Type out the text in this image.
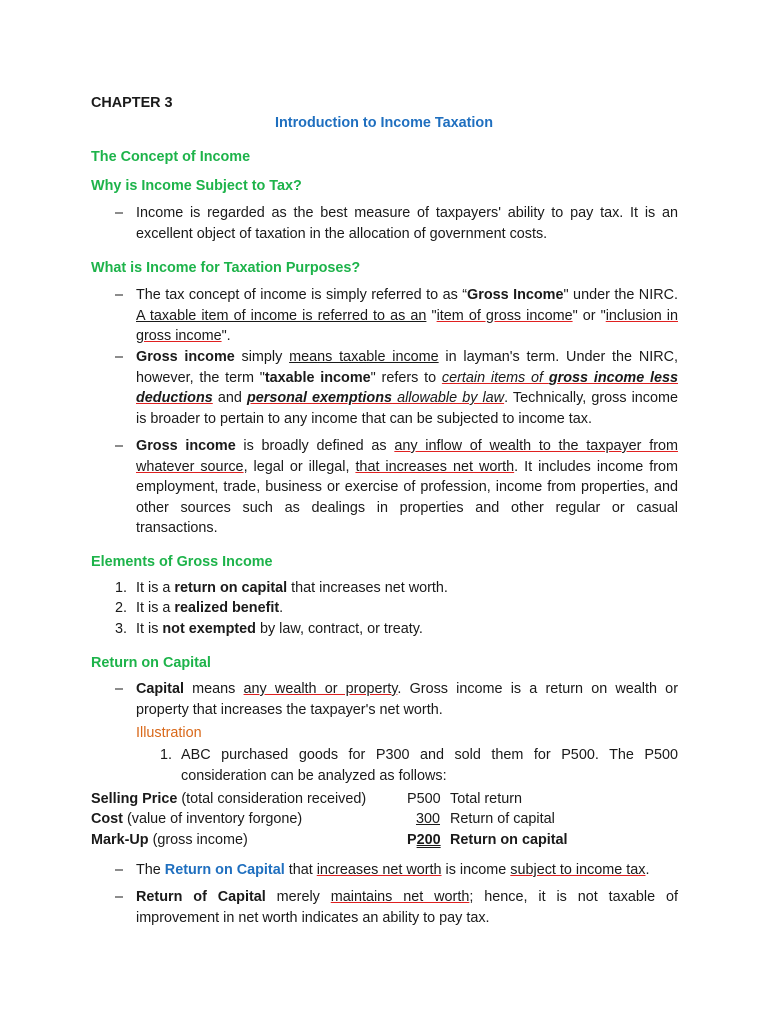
CHAPTER 3
Introduction to Income Taxation
The Concept of Income
Why is Income Subject to Tax?
– Income is regarded as the best measure of taxpayers' ability to pay tax. It is an excellent object of taxation in the allocation of government costs.
What is Income for Taxation Purposes?
– The tax concept of income is simply referred to as “Gross Income" under the NIRC. A taxable item of income is referred to as an "item of gross income" or "inclusion in gross income".
– Gross income simply means taxable income in layman's term. Under the NIRC, however, the term "taxable income" refers to certain items of gross income less deductions and personal exemptions allowable by law. Technically, gross income is broader to pertain to any income that can be subjected to income tax.
– Gross income is broadly defined as any inflow of wealth to the taxpayer from whatever source, legal or illegal, that increases net worth. It includes income from employment, trade, business or exercise of profession, income from properties, and other sources such as dealings in properties and other regular or casual transactions.
Elements of Gross Income
1. It is a return on capital that increases net worth.
2. It is a realized benefit.
3. It is not exempted by law, contract, or treaty.
Return on Capital
– Capital means any wealth or property. Gross income is a return on wealth or property that increases the taxpayer's net worth.
Illustration
1. ABC purchased goods for P300 and sold them for P500. The P500 consideration can be analyzed as follows:
Selling Price (total consideration received)	P500 Total return
Cost (value of inventory forgone)	300 Return of capital
Mark-Up (gross income)	P200 Return on capital
– The Return on Capital that increases net worth is income subject to income tax.
– Return of Capital merely maintains net worth; hence, it is not taxable of improvement in net worth indicates an ability to pay tax.
